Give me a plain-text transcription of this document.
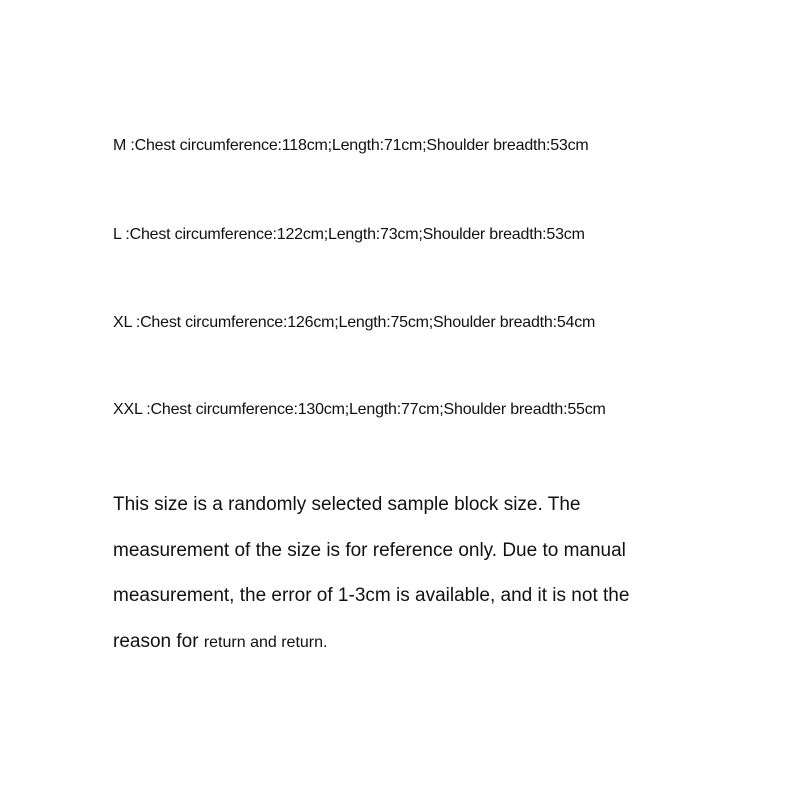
M :Chest circumference:118cm;Length:71cm;Shoulder breadth:53cm
L :Chest circumference:122cm;Length:73cm;Shoulder breadth:53cm
XL :Chest circumference:126cm;Length:75cm;Shoulder breadth:54cm
XXL :Chest circumference:130cm;Length:77cm;Shoulder breadth:55cm
This size is a randomly selected sample block size. The
measurement of the size is for reference only. Due to manual
measurement, the error of 1-3cm is available, and it is not the
reason for return and return.
